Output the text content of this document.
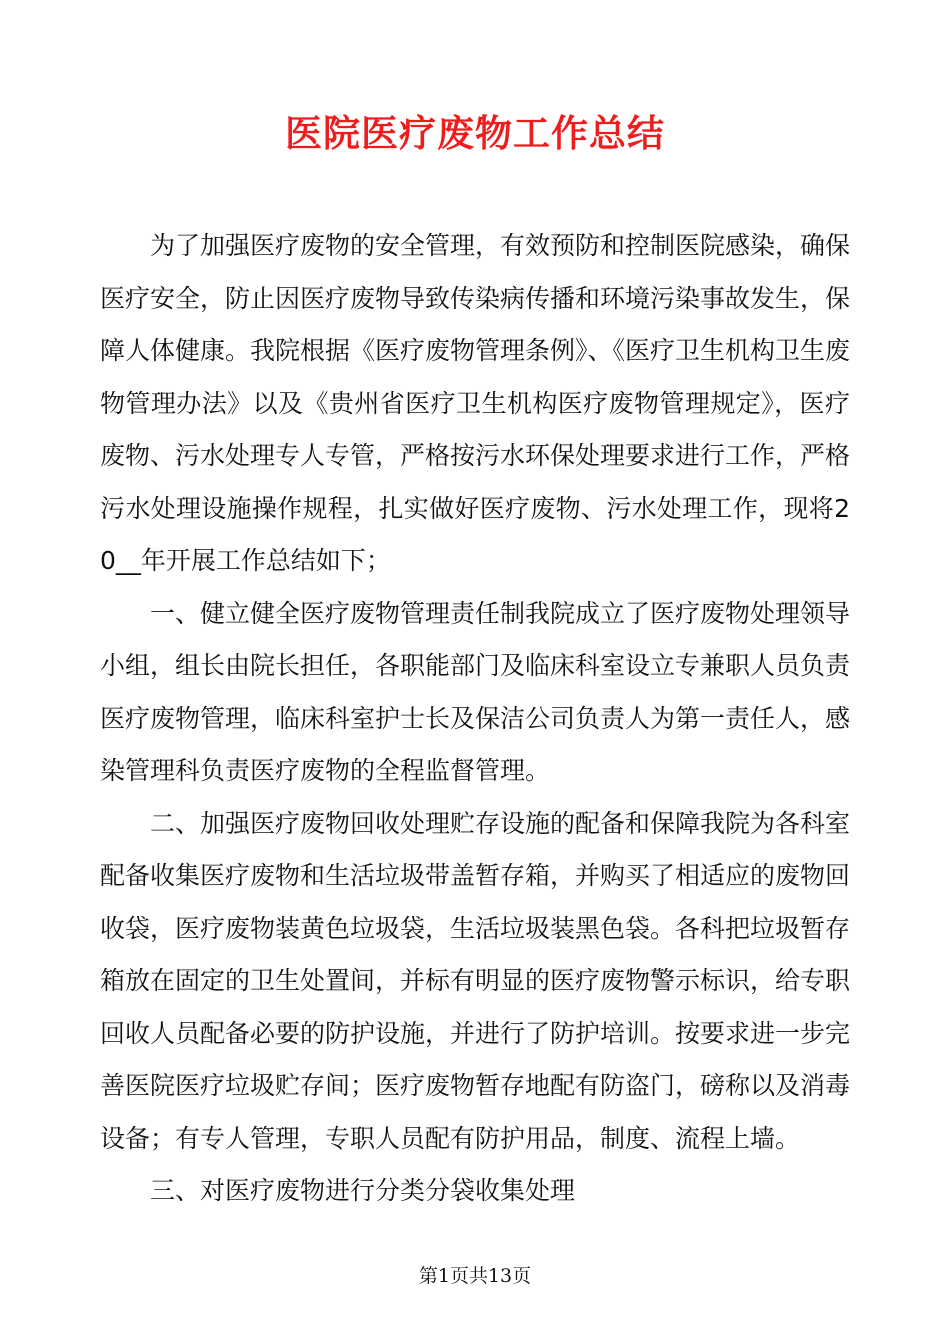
医院医疗废物工作总结

为了加强医疗废物的安全管理，有效预防和控制医院感染，确保医疗安全，防止因医疗废物导致传染病传播和环境污染事故发生，保障人体健康。我院根据《医疗废物管理条例》、《医疗卫生机构卫生废物管理办法》以及《贵州省医疗卫生机构医疗废物管理规定》，医疗废物、污水处理专人专管，严格按污水环保处理要求进行工作，严格污水处理设施操作规程，扎实做好医疗废物、污水处理工作，现将20__年开展工作总结如下；

一、健立健全医疗废物管理责任制我院成立了医疗废物处理领导小组，组长由院长担任，各职能部门及临床科室设立专兼职人员负责医疗废物管理，临床科室护士长及保洁公司负责人为第一责任人，感染管理科负责医疗废物的全程监督管理。

二、加强医疗废物回收处理贮存设施的配备和保障我院为各科室配备收集医疗废物和生活垃圾带盖暂存箱，并购买了相适应的废物回收袋，医疗废物装黄色垃圾袋，生活垃圾装黑色袋。各科把垃圾暂存箱放在固定的卫生处置间，并标有明显的医疗废物警示标识，给专职回收人员配备必要的防护设施，并进行了防护培训。按要求进一步完善医院医疗垃圾贮存间；医疗废物暂存地配有防盗门，磅称以及消毒设备；有专人管理，专职人员配有防护用品，制度、流程上墙。

三、对医疗废物进行分类分袋收集处理

第1页共13页
